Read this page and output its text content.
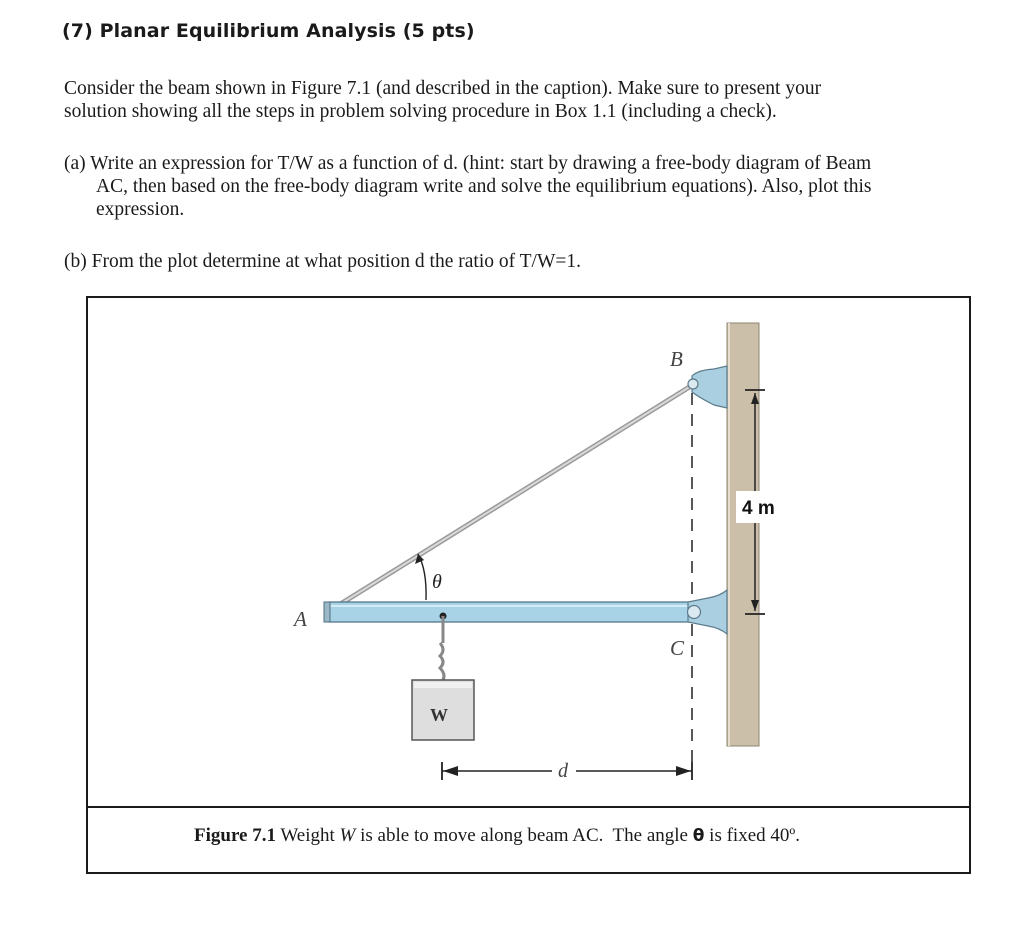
(7) Planar Equilibrium Analysis (5 pts)
Consider the beam shown in Figure 7.1 (and described in the caption). Make sure to present your
solution showing all the steps in problem solving procedure in Box 1.1 (including a check).
(a) Write an expression for T/W as a function of d. (hint: start by drawing a free-body diagram of Beam
AC, then based on the free-body diagram write and solve the equilibrium equations). Also, plot this
expression.
(b) From the plot determine at what position d the ratio of T/W=1.
A
B
C
θ
4 m
W
d
Figure 7.1 Weight W is able to move along beam AC.  The angle θ is fixed 40º.
